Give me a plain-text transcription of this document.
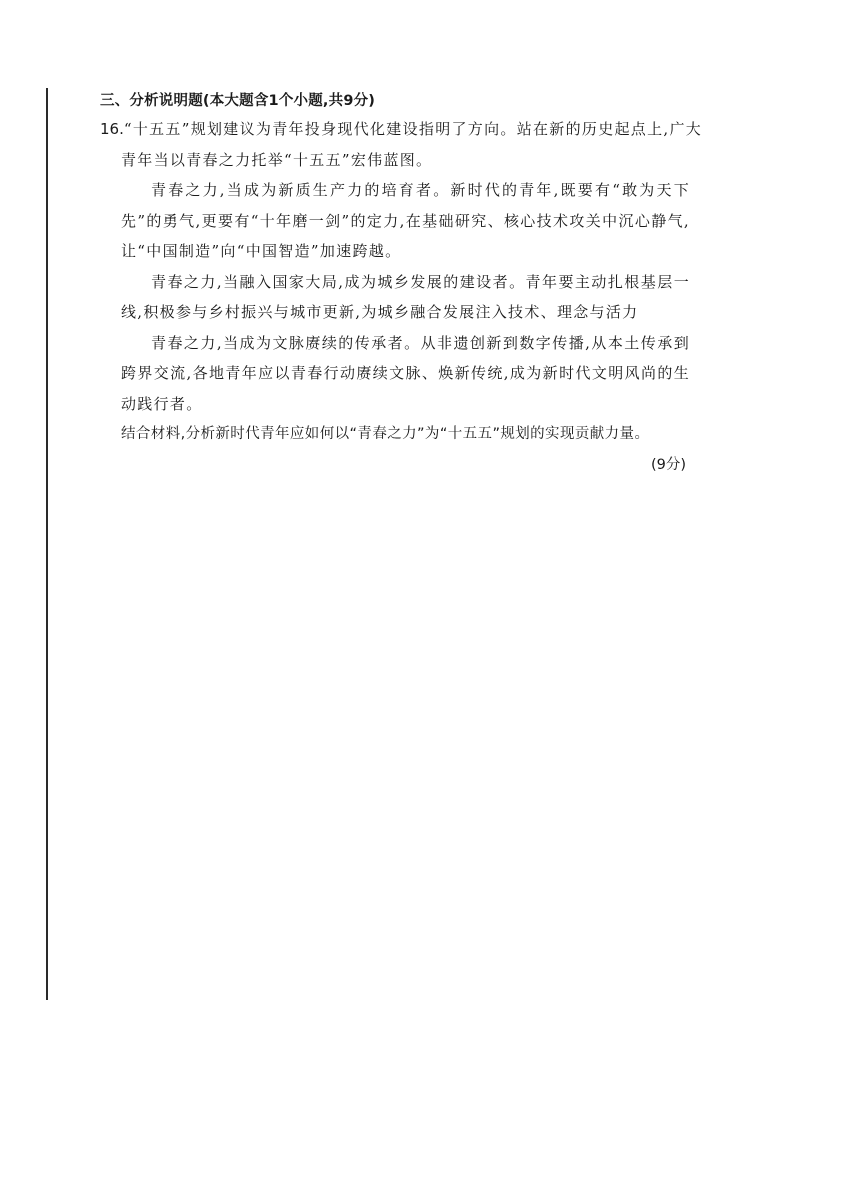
三、分析说明题(本大题含1个小题,共9分)
16.“十五五”规划建议为青年投身现代化建设指明了方向。站在新的历史起点上,广大
青年当以青春之力托举“十五五”宏伟蓝图。
青春之力,当成为新质生产力的培育者。新时代的青年,既要有“敢为天下先”的勇气,更要有“十年磨一剑”的定力,在基础研究、核心技术攻关中沉心静气,让“中国制造”向“中国智造”加速跨越。
青春之力,当融入国家大局,成为城乡发展的建设者。青年要主动扎根基层一线,积极参与乡村振兴与城市更新,为城乡融合发展注入技术、理念与活力
青春之力,当成为文脉赓续的传承者。从非遗创新到数字传播,从本土传承到跨界交流,各地青年应以青春行动赓续文脉、焕新传统,成为新时代文明风尚的生动践行者。
结合材料,分析新时代青年应如何以“青春之力”为“十五五”规划的实现贡献力量。
(9分)
